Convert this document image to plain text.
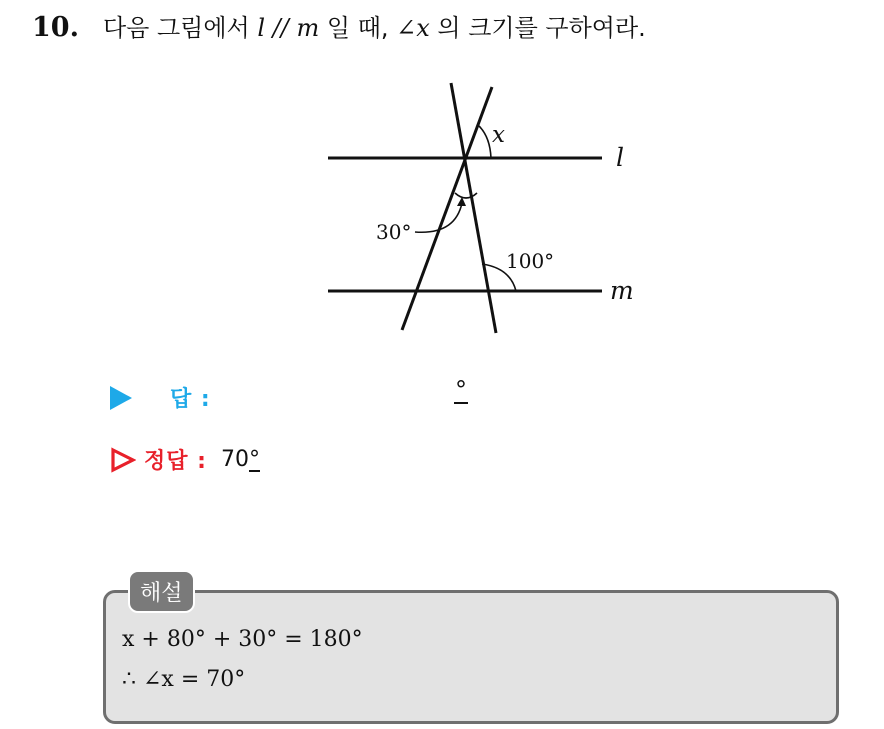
10. 다음 그림에서 l // m 일 때, ∠x 의 크기를 구하여라.
x
l
m
30°
100°
답 :	°
정답 : 70°
해설
x + 80° + 30° = 180°
∴ ∠x = 70°
